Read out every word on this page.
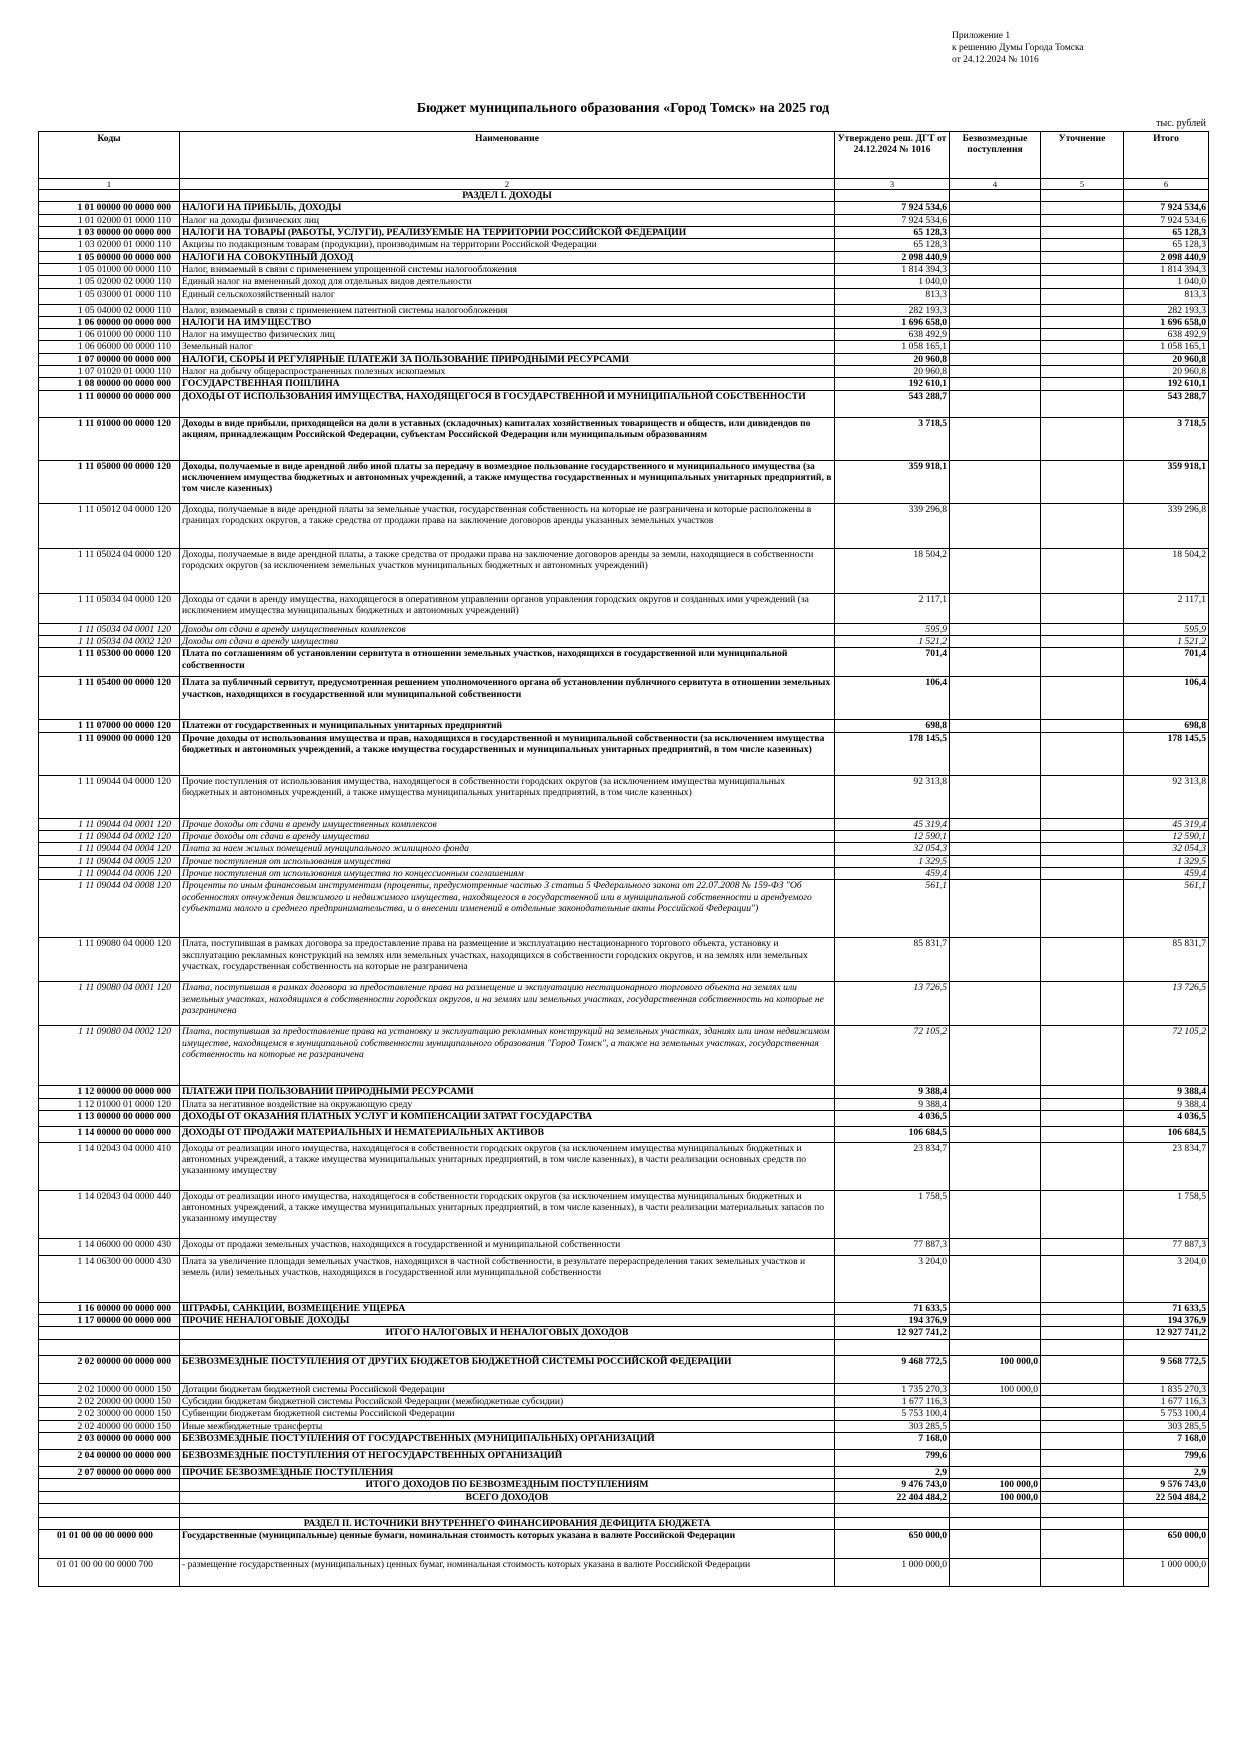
Приложение 1
к решению Думы Города Томска
от 24.12.2024 № 1016
Бюджет муниципального образования «Город Томск» на 2025 год
тыс. рублей
Коды	Наименование	Утверждено реш. ДГТ от 24.12.2024 № 1016	Безвозмездные поступления	Уточнение	Итого
1	2	3	4	5	6
	РАЗДЕЛ I. ДОХОДЫ				
1 01 00000 00 0000 000	НАЛОГИ НА ПРИБЫЛЬ, ДОХОДЫ	7 924 534,6			7 924 534,6
1 01 02000 01 0000 110	Налог на доходы физических лиц	7 924 534,6			7 924 534,6
1 03 00000 00 0000 000	НАЛОГИ НА ТОВАРЫ (РАБОТЫ, УСЛУГИ), РЕАЛИЗУЕМЫЕ НА ТЕРРИТОРИИ РОССИЙСКОЙ ФЕДЕРАЦИИ	65 128,3			65 128,3
1 03 02000 01 0000 110	Акцизы по подакцизным товарам (продукции), производимым на территории Российской Федерации	65 128,3			65 128,3
1 05 00000 00 0000 000	НАЛОГИ НА СОВОКУПНЫЙ ДОХОД	2 098 440,9			2 098 440,9
1 05 01000 00 0000 110	Налог, взимаемый в связи с применением упрощенной системы налогообложения	1 814 394,3			1 814 394,3
1 05 02000 02 0000 110	Единый налог на вмененный доход для отдельных видов деятельности	1 040,0			1 040,0
1 05 03000 01 0000 110	Единый сельскохозяйственный налог	813,3			813,3
1 05 04000 02 0000 110	Налог, взимаемый в связи с применением патентной системы налогообложения	282 193,3			282 193,3
1 06 00000 00 0000 000	НАЛОГИ НА ИМУЩЕСТВО	1 696 658,0			1 696 658,0
1 06 01000 00 0000 110	Налог на имущество физических лиц	638 492,9			638 492,9
1 06 06000 00 0000 110	Земельный налог	1 058 165,1			1 058 165,1
1 07 00000 00 0000 000	НАЛОГИ, СБОРЫ И РЕГУЛЯРНЫЕ ПЛАТЕЖИ ЗА ПОЛЬЗОВАНИЕ ПРИРОДНЫМИ РЕСУРСАМИ	20 960,8			20 960,8
1 07 01020 01 0000 110	Налог на добычу общераспространенных полезных ископаемых	20 960,8			20 960,8
1 08 00000 00 0000 000	ГОСУДАРСТВЕННАЯ ПОШЛИНА	192 610,1			192 610,1
1 11 00000 00 0000 000	ДОХОДЫ ОТ ИСПОЛЬЗОВАНИЯ ИМУЩЕСТВА, НАХОДЯЩЕГОСЯ В ГОСУДАРСТВЕННОЙ И МУНИЦИПАЛЬНОЙ СОБСТВЕННОСТИ	543 288,7			543 288,7
1 11 01000 00 0000 120	Доходы в виде прибыли, приходящейся на доли в уставных (складочных) капиталах хозяйственных товариществ и обществ, или дивидендов по акциям, принадлежащим Российской Федерации, субъектам Российской Федерации или муниципальным образованиям	3 718,5			3 718,5
1 11 05000 00 0000 120	Доходы, получаемые в виде арендной либо иной платы за передачу в возмездное пользование государственного и муниципального имущества (за исключением имущества бюджетных и автономных учреждений, а также имущества государственных и муниципальных унитарных предприятий, в том числе казенных)	359 918,1			359 918,1
1 11 05012 04 0000 120	Доходы, получаемые в виде арендной платы за земельные участки, государственная собственность на которые не разграничена и которые расположены в границах городских округов, а также средства от продажи права на заключение договоров аренды указанных земельных участков	339 296,8			339 296,8
1 11 05024 04 0000 120	Доходы, получаемые в виде арендной платы, а также средства от продажи права на заключение договоров аренды за земли, находящиеся в собственности городских округов (за исключением земельных участков муниципальных бюджетных и автономных учреждений)	18 504,2			18 504,2
1 11 05034 04 0000 120	Доходы от сдачи в аренду имущества, находящегося в оперативном управлении органов управления городских округов и созданных ими учреждений (за исключением имущества муниципальных бюджетных и автономных учреждений)	2 117,1			2 117,1
1 11 05034 04 0001 120	Доходы от сдачи в аренду имущественных комплексов	595,9			595,9
1 11 05034 04 0002 120	Доходы от сдачи в аренду имущества	1 521,2			1 521,2
1 11 05300 00 0000 120	Плата по соглашениям об установлении сервитута в отношении земельных участков, находящихся в государственной или муниципальной собственности	701,4			701,4
1 11 05400 00 0000 120	Плата за публичный сервитут, предусмотренная решением уполномоченного органа об установлении публичного сервитута в отношении земельных участков, находящихся в государственной или муниципальной собственности	106,4			106,4
1 11 07000 00 0000 120	Платежи от государственных и муниципальных унитарных предприятий	698,8			698,8
1 11 09000 00 0000 120	Прочие доходы от использования имущества и прав, находящихся в государственной и муниципальной собственности (за исключением имущества бюджетных и автономных учреждений, а также имущества государственных и муниципальных унитарных предприятий, в том числе казенных)	178 145,5			178 145,5
1 11 09044 04 0000 120	Прочие поступления от использования имущества, находящегося в собственности городских округов (за исключением имущества муниципальных бюджетных и автономных учреждений, а также имущества муниципальных унитарных предприятий, в том числе казенных)	92 313,8			92 313,8
1 11 09044 04 0001 120	Прочие доходы от сдачи в аренду имущественных комплексов	45 319,4			45 319,4
1 11 09044 04 0002 120	Прочие доходы от сдачи в аренду имущества	12 590,1			12 590,1
1 11 09044 04 0004 120	Плата за наем жилых помещений муниципального жилищного фонда	32 054,3			32 054,3
1 11 09044 04 0005 120	Прочие поступления от использования имущества	1 329,5			1 329,5
1 11 09044 04 0006 120	Прочие поступления от использования имущества по концессионным соглашениям	459,4			459,4
1 11 09044 04 0008 120	Проценты по иным финансовым инструментам (проценты, предусмотренные частью 3 статьи 5 Федерального закона от 22.07.2008 № 159-ФЗ "Об особенностях отчуждения движимого и недвижимого имущества, находящегося в государственной или в муниципальной собственности и арендуемого субъектами малого и среднего предпринимательства, и о внесении изменений в отдельные законодательные акты Российской Федерации")	561,1			561,1
1 11 09080 04 0000 120	Плата, поступившая в рамках договора за предоставление права на размещение и эксплуатацию нестационарного торгового объекта, установку и эксплуатацию рекламных конструкций на землях или земельных участках, находящихся в собственности городских округов, и на землях или земельных участках, государственная собственность на которые не разграничена	85 831,7			85 831,7
1 11 09080 04 0001 120	Плата, поступившая в рамках договора за предоставление права на размещение и эксплуатацию нестационарного торгового объекта на землях или земельных участках, находящихся в собственности городских округов, и на землях или земельных участках, государственная собственность на которые не разграничена	13 726,5			13 726,5
1 11 09080 04 0002 120	Плата, поступившая за предоставление права на установку и эксплуатацию рекламных конструкций на земельных участках, зданиях или ином недвижимом имуществе, находящемся в муниципальной собственности муниципального образования "Город Томск", а также на земельных участках, государственная собственность на которые не разграничена	72 105,2			72 105,2
1 12 00000 00 0000 000	ПЛАТЕЖИ ПРИ ПОЛЬЗОВАНИИ ПРИРОДНЫМИ РЕСУРСАМИ	9 388,4			9 388,4
1 12 01000 01 0000 120	Плата за негативное воздействие на окружающую среду	9 388,4			9 388,4
1 13 00000 00 0000 000	ДОХОДЫ ОТ ОКАЗАНИЯ ПЛАТНЫХ УСЛУГ И КОМПЕНСАЦИИ ЗАТРАТ ГОСУДАРСТВА	4 036,5			4 036,5
1 14 00000 00 0000 000	ДОХОДЫ ОТ ПРОДАЖИ МАТЕРИАЛЬНЫХ И НЕМАТЕРИАЛЬНЫХ АКТИВОВ	106 684,5			106 684,5
1 14 02043 04 0000 410	Доходы от реализации иного имущества, находящегося в собственности городских округов (за исключением имущества муниципальных бюджетных и автономных учреждений, а также имущества муниципальных унитарных предприятий, в том числе казенных), в части реализации основных средств по указанному имуществу	23 834,7			23 834,7
1 14 02043 04 0000 440	Доходы от реализации иного имущества, находящегося в собственности городских округов (за исключением имущества муниципальных бюджетных и автономных учреждений, а также имущества муниципальных унитарных предприятий, в том числе казенных), в части реализации материальных запасов по указанному имуществу	1 758,5			1 758,5
1 14 06000 00 0000 430	Доходы от продажи земельных участков, находящихся в государственной и муниципальной собственности	77 887,3			77 887,3
1 14 06300 00 0000 430	Плата за увеличение площади земельных участков, находящихся в частной собственности, в результате перераспределения таких земельных участков и земель (или) земельных участков, находящихся в государственной или муниципальной собственности	3 204,0			3 204,0
1 16 00000 00 0000 000	ШТРАФЫ, САНКЦИИ, ВОЗМЕЩЕНИЕ УЩЕРБА	71 633,5			71 633,5
1 17 00000 00 0000 000	ПРОЧИЕ НЕНАЛОГОВЫЕ ДОХОДЫ	194 376,9			194 376,9
	ИТОГО НАЛОГОВЫХ И НЕНАЛОГОВЫХ ДОХОДОВ	12 927 741,2			12 927 741,2

2 02 00000 00 0000 000	БЕЗВОЗМЕЗДНЫЕ ПОСТУПЛЕНИЯ ОТ ДРУГИХ БЮДЖЕТОВ БЮДЖЕТНОЙ СИСТЕМЫ РОССИЙСКОЙ ФЕДЕРАЦИИ	9 468 772,5	100 000,0		9 568 772,5
2 02 10000 00 0000 150	Дотации бюджетам бюджетной системы Российской Федерации	1 735 270,3	100 000,0		1 835 270,3
2 02 20000 00 0000 150	Субсидии бюджетам бюджетной системы Российской Федерации (межбюджетные субсидии)	1 677 116,3			1 677 116,3
2 02 30000 00 0000 150	Субвенции бюджетам бюджетной системы Российской Федерации	5 753 100,4			5 753 100,4
2 02 40000 00 0000 150	Иные межбюджетные трансферты	303 285,5			303 285,5
2 03 00000 00 0000 000	БЕЗВОЗМЕЗДНЫЕ ПОСТУПЛЕНИЯ ОТ ГОСУДАРСТВЕННЫХ (МУНИЦИПАЛЬНЫХ) ОРГАНИЗАЦИЙ	7 168,0			7 168,0
2 04 00000 00 0000 000	БЕЗВОЗМЕЗДНЫЕ ПОСТУПЛЕНИЯ ОТ НЕГОСУДАРСТВЕННЫХ ОРГАНИЗАЦИЙ	799,6			799,6
2 07 00000 00 0000 000	ПРОЧИЕ БЕЗВОЗМЕЗДНЫЕ ПОСТУПЛЕНИЯ	2,9			2,9
	ИТОГО ДОХОДОВ ПО БЕЗВОЗМЕЗДНЫМ ПОСТУПЛЕНИЯМ	9 476 743,0	100 000,0		9 576 743,0
	ВСЕГО ДОХОДОВ	22 404 484,2	100 000,0		22 504 484,2

	РАЗДЕЛ II. ИСТОЧНИКИ ВНУТРЕННЕГО ФИНАНСИРОВАНИЯ ДЕФИЦИТА БЮДЖЕТА				
01 01 00 00 00 0000 000	Государственные (муниципальные) ценные бумаги, номинальная стоимость которых указана в валюте Российской Федерации	650 000,0			650 000,0
01 01 00 00 00 0000 700	- размещение государственных (муниципальных) ценных бумаг, номинальная стоимость которых указана в валюте Российской Федерации	1 000 000,0			1 000 000,0
